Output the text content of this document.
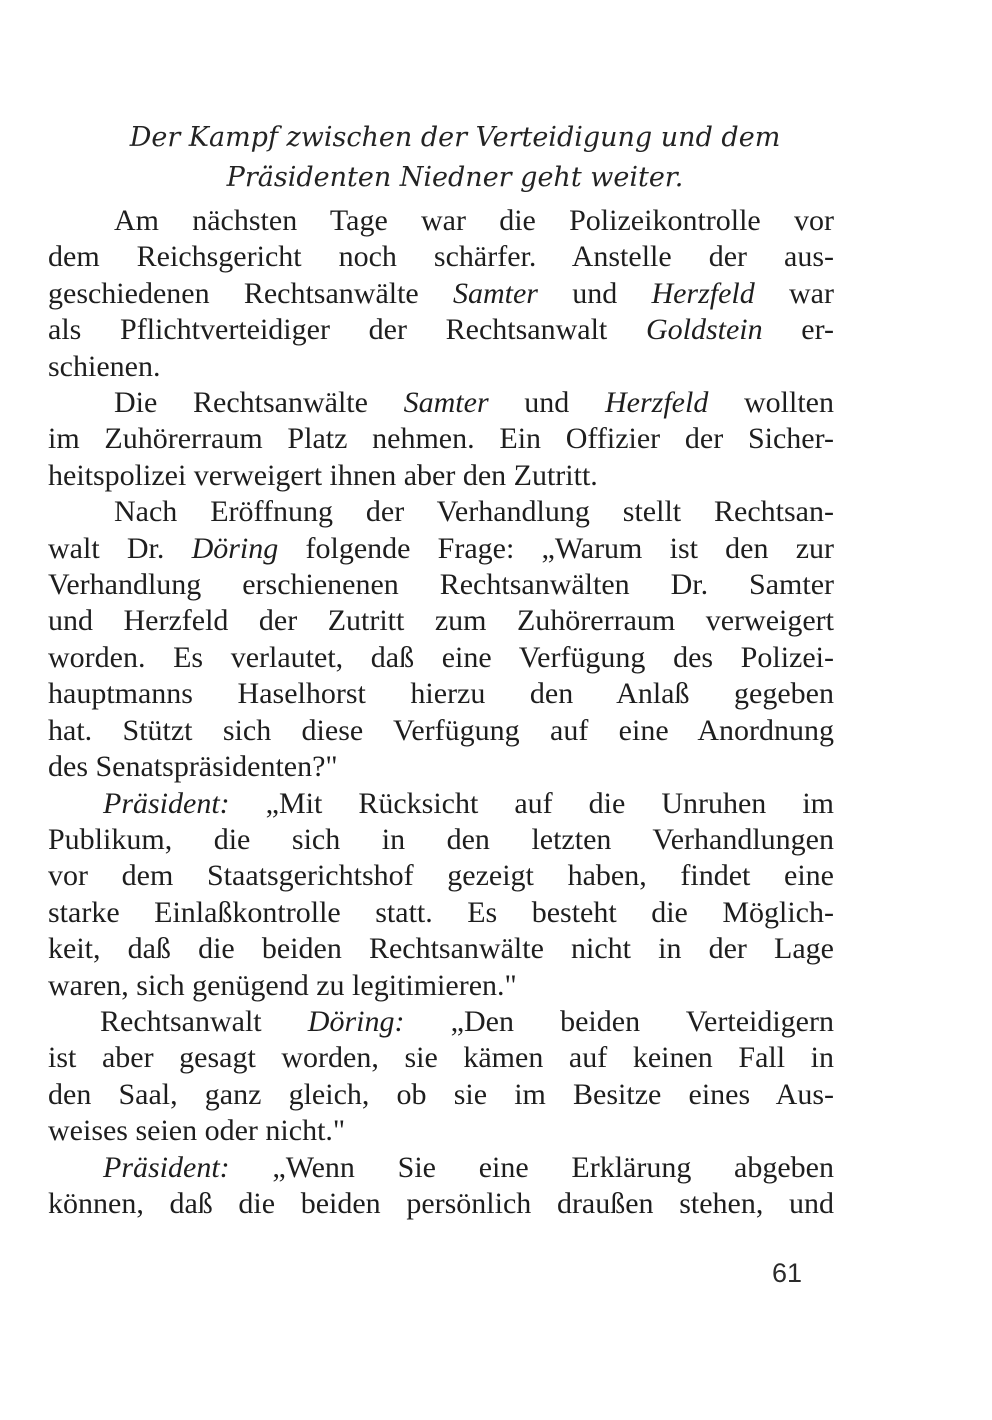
Der Kampf zwischen der Verteidigung und dem
Präsidenten Niedner geht weiter.
Am nächsten Tage war die Polizeikontrolle vor
dem Reichsgericht noch schärfer. Anstelle der aus-
geschiedenen Rechtsanwälte Samter und Herzfeld war
als Pflichtverteidiger der Rechtsanwalt Goldstein er-
schienen.
Die Rechtsanwälte Samter und Herzfeld wollten
im Zuhörerraum Platz nehmen. Ein Offizier der Sicher-
heitspolizei verweigert ihnen aber den Zutritt.
Nach Eröffnung der Verhandlung stellt Rechtsan-
walt Dr. Döring folgende Frage: „Warum ist den zur
Verhandlung erschienenen Rechtsanwälten Dr. Samter
und Herzfeld der Zutritt zum Zuhörerraum verweigert
worden. Es verlautet, daß eine Verfügung des Polizei-
hauptmanns Haselhorst hierzu den Anlaß gegeben
hat. Stützt sich diese Verfügung auf eine Anordnung
des Senatspräsidenten?"
Präsident: „Mit Rücksicht auf die Unruhen im
Publikum, die sich in den letzten Verhandlungen
vor dem Staatsgerichtshof gezeigt haben, findet eine
starke Einlaßkontrolle statt. Es besteht die Möglich-
keit, daß die beiden Rechtsanwälte nicht in der Lage
waren, sich genügend zu legitimieren."
Rechtsanwalt Döring: „Den beiden Verteidigern
ist aber gesagt worden, sie kämen auf keinen Fall in
den Saal, ganz gleich, ob sie im Besitze eines Aus-
weises seien oder nicht."
Präsident: „Wenn Sie eine Erklärung abgeben
können, daß die beiden persönlich draußen stehen, und
61
